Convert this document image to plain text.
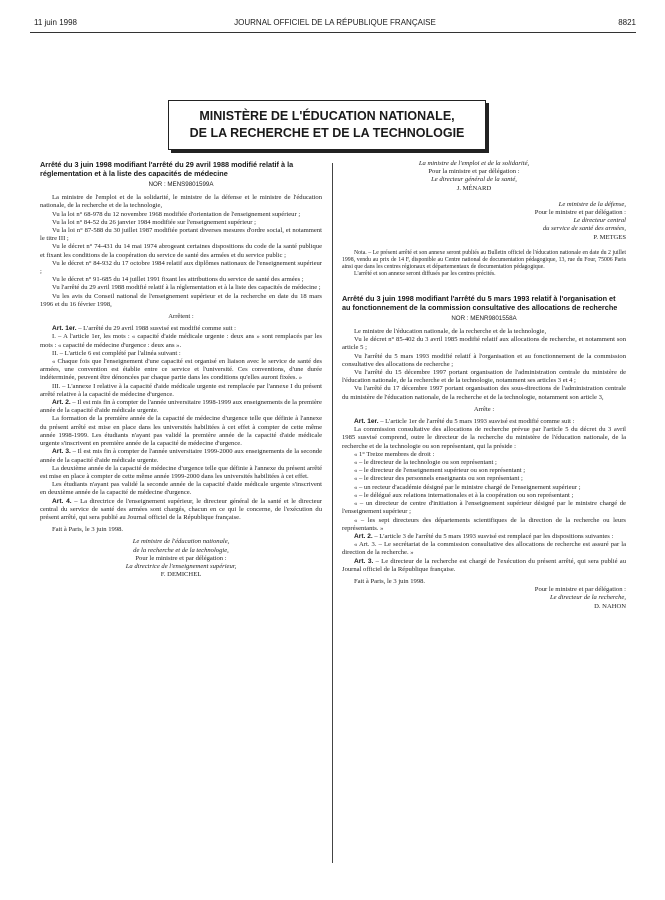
11 juin 1998	JOURNAL OFFICIEL DE LA RÉPUBLIQUE FRANÇAISE	8821
MINISTÈRE DE L'ÉDUCATION NATIONALE,
DE LA RECHERCHE ET DE LA TECHNOLOGIE

Arrêté du 3 juin 1998 modifiant l'arrêté du 29 avril 1988 modifié relatif à la réglementation et à la liste des capacités de médecine

NOR : MENS9801599A

La ministre de l'emploi et de la solidarité, le ministre de la défense et le ministre de l'éducation nationale, de la recherche et de la technologie,

Vu la loi n° 68-978 du 12 novembre 1968 modifiée d'orientation de l'enseignement supérieur ;

Vu la loi n° 84-52 du 26 janvier 1984 modifiée sur l'enseignement supérieur ;

Vu la loi n° 87-588 du 30 juillet 1987 modifiée portant diverses mesures d'ordre social, et notamment le titre III ;

Vu le décret n° 74-431 du 14 mai 1974 abrogeant certaines dispositions du code de la santé publique et fixant les conditions de la coopération du service de santé des armées et du service public ;

Vu le décret n° 84-932 du 17 octobre 1984 relatif aux diplômes nationaux de l'enseignement supérieur ;

Vu le décret n° 91-685 du 14 juillet 1991 fixant les attributions du service de santé des armées ;

Vu l'arrêté du 29 avril 1988 modifié relatif à la réglementation et à la liste des capacités de médecine ;

Vu les avis du Conseil national de l'enseignement supérieur et de la recherche en date du 18 mars 1996 et du 16 février 1998,

Arrêtent :

Art. 1er. – L'arrêté du 29 avril 1988 susvisé est modifié comme suit :

I. – A l'article 1er, les mots : « capacité d'aide médicale urgente : deux ans » sont remplacés par les mots : « capacité de médecine d'urgence : deux ans ».

II. – L'article 6 est complété par l'alinéa suivant :

« Chaque fois que l'enseignement d'une capacité est organisé en liaison avec le service de santé des armées, une convention est établie entre ce service et l'université. Ces conventions, d'une durée indéterminée, peuvent être dénoncées par chaque partie dans les conditions qu'elles auront fixées. »

III. – L'annexe I relative à la capacité d'aide médicale urgente est remplacée par l'annexe I du présent arrêté relative à la capacité de médecine d'urgence.

Art. 2. – Il est mis fin à compter de l'année universitaire 1998-1999 aux enseignements de la première année de la capacité d'aide médicale urgente.

La formation de la première année de la capacité de médecine d'urgence telle que définie à l'annexe du présent arrêté est mise en place dans les universités habilitées à cet effet à compter de cette même année 1998-1999. Les étudiants n'ayant pas validé la première année de la capacité d'aide médicale urgente s'inscrivent en première année de la capacité de médecine d'urgence.

Art. 3. – Il est mis fin à compter de l'année universitaire 1999-2000 aux enseignements de la seconde année de la capacité d'aide médicale urgente.

La deuxième année de la capacité de médecine d'urgence telle que définie à l'annexe du présent arrêté est mise en place à compter de cette même année 1999-2000 dans les universités habilitées à cet effet.

Les étudiants n'ayant pas validé la seconde année de la capacité d'aide médicale urgente s'inscrivent en deuxième année de la capacité de médecine d'urgence.

Art. 4. – La directrice de l'enseignement supérieur, le directeur général de la santé et le directeur central du service de santé des armées sont chargés, chacun en ce qui le concerne, de l'exécution du présent arrêté, qui sera publié au Journal officiel de la République française.

Fait à Paris, le 3 juin 1998.

Le ministre de l'éducation nationale,

de la recherche et de la technologie,

Pour le ministre et par délégation :

La directrice de l'enseignement supérieur,

F. DEMICHEL

La ministre de l'emploi et de la solidarité,

Pour la ministre et par délégation :

Le directeur général de la santé,

J. MÉNARD

Le ministre de la défense,

Pour le ministre et par délégation :

Le directeur central

du service de santé des armées,

P. METGES

Nota. – Le présent arrêté et son annexe seront publiés au Bulletin officiel de l'éducation nationale en date du 2 juillet 1998, vendu au prix de 14 F, disponible au Centre national de documentation pédagogique, 13, rue du Four, 75006 Paris ainsi que dans les centres régionaux et départementaux de documentation pédagogique.

L'arrêté et son annexe seront diffusés par les centres précités.

Arrêté du 3 juin 1998 modifiant l'arrêté du 5 mars 1993 relatif à l'organisation et au fonctionnement de la commission consultative des allocations de recherche

NOR : MENR9801558A

Le ministre de l'éducation nationale, de la recherche et de la technologie,

Vu le décret n° 85-402 du 3 avril 1985 modifié relatif aux allocations de recherche, et notamment son article 5 ;

Vu l'arrêté du 5 mars 1993 modifié relatif à l'organisation et au fonctionnement de la commission consultative des allocations de recherche ;

Vu l'arrêté du 15 décembre 1997 portant organisation de l'administration centrale du ministère de l'éducation nationale, de la recherche et de la technologie, notamment ses articles 3 et 4 ;

Vu l'arrêté du 17 décembre 1997 portant organisation des sous-directions de l'administration centrale du ministère de l'éducation nationale, de la recherche et de la technologie, notamment son article 3,

Arrête :

Art. 1er. – L'article 1er de l'arrêté du 5 mars 1993 susvisé est modifié comme suit :

La commission consultative des allocations de recherche prévue par l'article 5 du décret du 3 avril 1985 susvisé comprend, outre le directeur de la recherche du ministère de l'éducation nationale, de la recherche et de la technologie ou son représentant, qui la préside :

« 1° Treize membres de droit :

« – le directeur de la technologie ou son représentant ;

« – le directeur de l'enseignement supérieur ou son représentant ;

« – le directeur des personnels enseignants ou son représentant ;

« – un recteur d'académie désigné par le ministre chargé de l'enseignement supérieur ;

« – le délégué aux relations internationales et à la coopération ou son représentant ;

« – un directeur de centre d'initiation à l'enseignement supérieur désigné par le ministre chargé de l'enseignement supérieur ;

« – les sept directeurs des départements scientifiques de la direction de la recherche ou leurs représentants. »

Art. 2. – L'article 3 de l'arrêté du 5 mars 1993 susvisé est remplacé par les dispositions suivantes :

« Art. 3. – Le secrétariat de la commission consultative des allocations de recherche est assuré par la direction de la recherche. »

Art. 3. – Le directeur de la recherche est chargé de l'exécution du présent arrêté, qui sera publié au Journal officiel de la République française.

Fait à Paris, le 3 juin 1998.

Pour le ministre et par délégation :

Le directeur de la recherche,

D. NAHON
